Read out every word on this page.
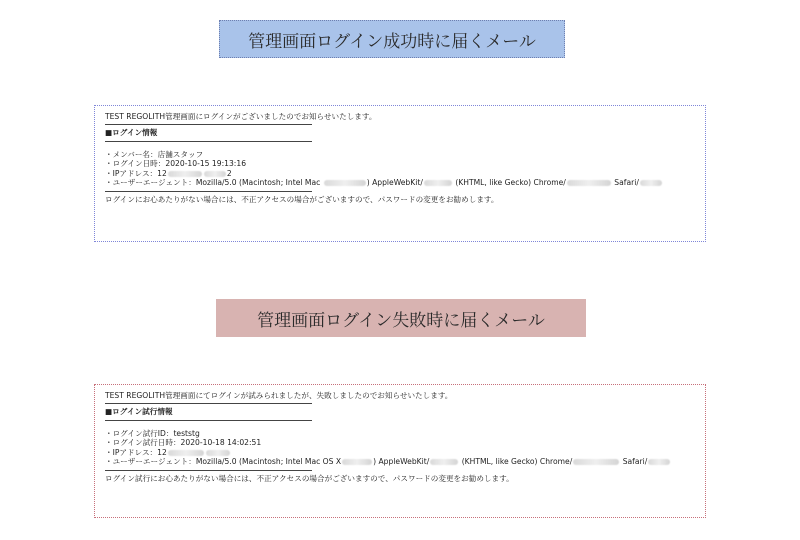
管理画面ログイン成功時に届くメール
TEST REGOLITH管理画面にログインがございましたのでお知らせいたします。
■ログイン情報
・メンバー名：店舗スタッフ
・ログイン日時：2020-10-15 19:13:16
・IPアドレス：12	2
・ユーザーエージェント：Mozilla/5.0 (Macintosh; Intel Mac	) AppleWebKit/	(KHTML, like Gecko) Chrome/	Safari/
ログインにお心あたりがない場合には、不正アクセスの場合がございますので、パスワードの変更をお勧めします。
管理画面ログイン失敗時に届くメール
TEST REGOLITH管理画面にてログインが試みられましたが、失敗しましたのでお知らせいたします。
■ログイン試行情報
・ログイン試行ID：teststg
・ログイン試行日時：2020-10-18 14:02:51
・IPアドレス：12
・ユーザーエージェント：Mozilla/5.0 (Macintosh; Intel Mac OS X	) AppleWebKit/	(KHTML, like Gecko) Chrome/	Safari/
ログイン試行にお心あたりがない場合には、不正アクセスの場合がございますので、パスワードの変更をお勧めします。
